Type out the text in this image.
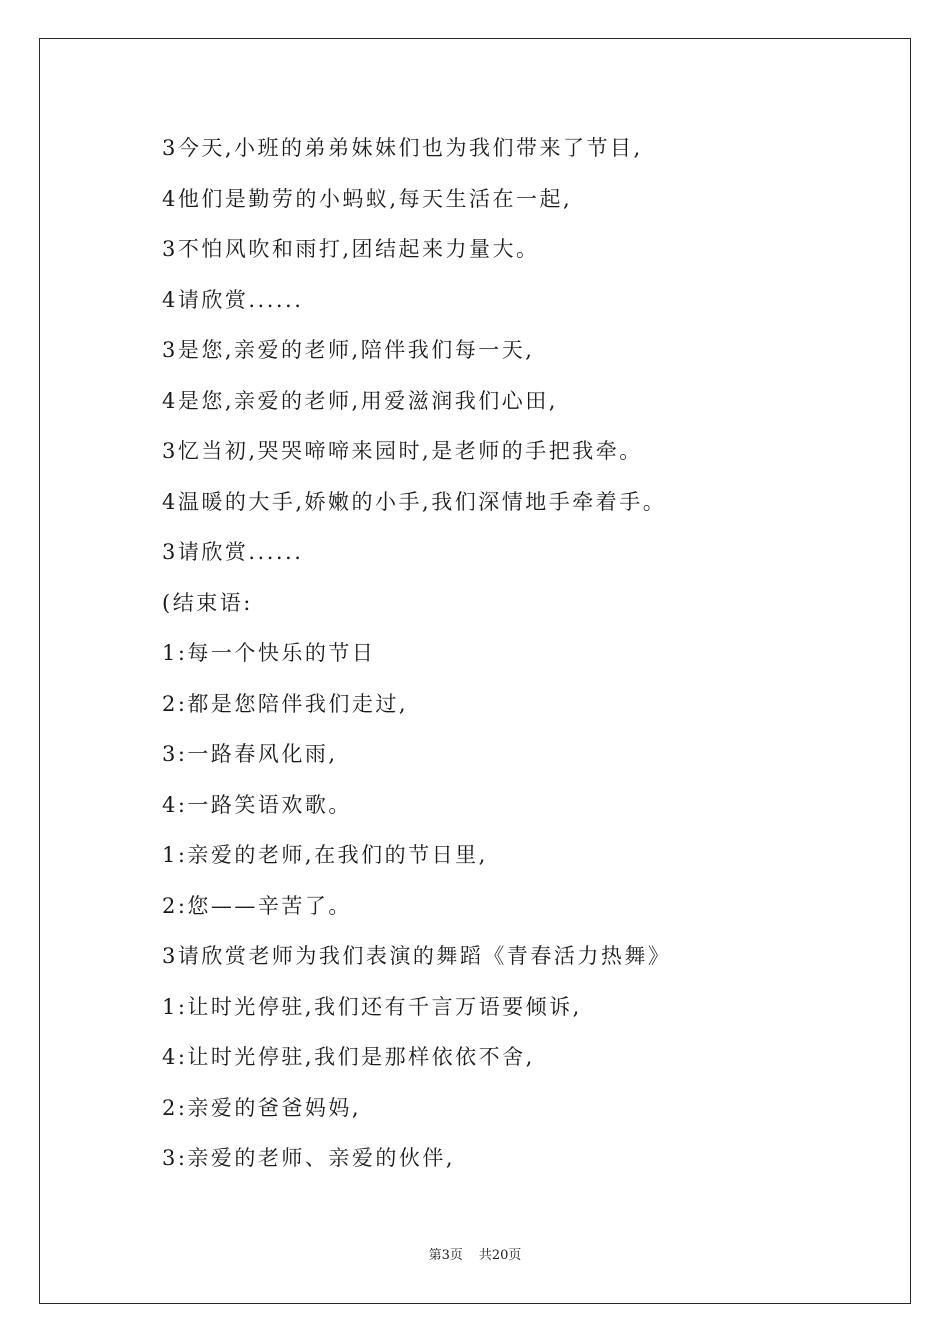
3今天,小班的弟弟妹妹们也为我们带来了节目,
4他们是勤劳的小蚂蚁,每天生活在一起,
3不怕风吹和雨打,团结起来力量大。
4请欣赏......
3是您,亲爱的老师,陪伴我们每一天,
4是您,亲爱的老师,用爱滋润我们心田,
3忆当初,哭哭啼啼来园时,是老师的手把我牵。
4温暖的大手,娇嫩的小手,我们深情地手牵着手。
3请欣赏......
(结束语:
1:每一个快乐的节日
2:都是您陪伴我们走过,
3:一路春风化雨,
4:一路笑语欢歌。
1:亲爱的老师,在我们的节日里,
2:您——辛苦了。
3请欣赏老师为我们表演的舞蹈《青春活力热舞》
1:让时光停驻,我们还有千言万语要倾诉,
4:让时光停驻,我们是那样依依不舍,
2:亲爱的爸爸妈妈,
3:亲爱的老师、亲爱的伙伴,
第3页 共20页
